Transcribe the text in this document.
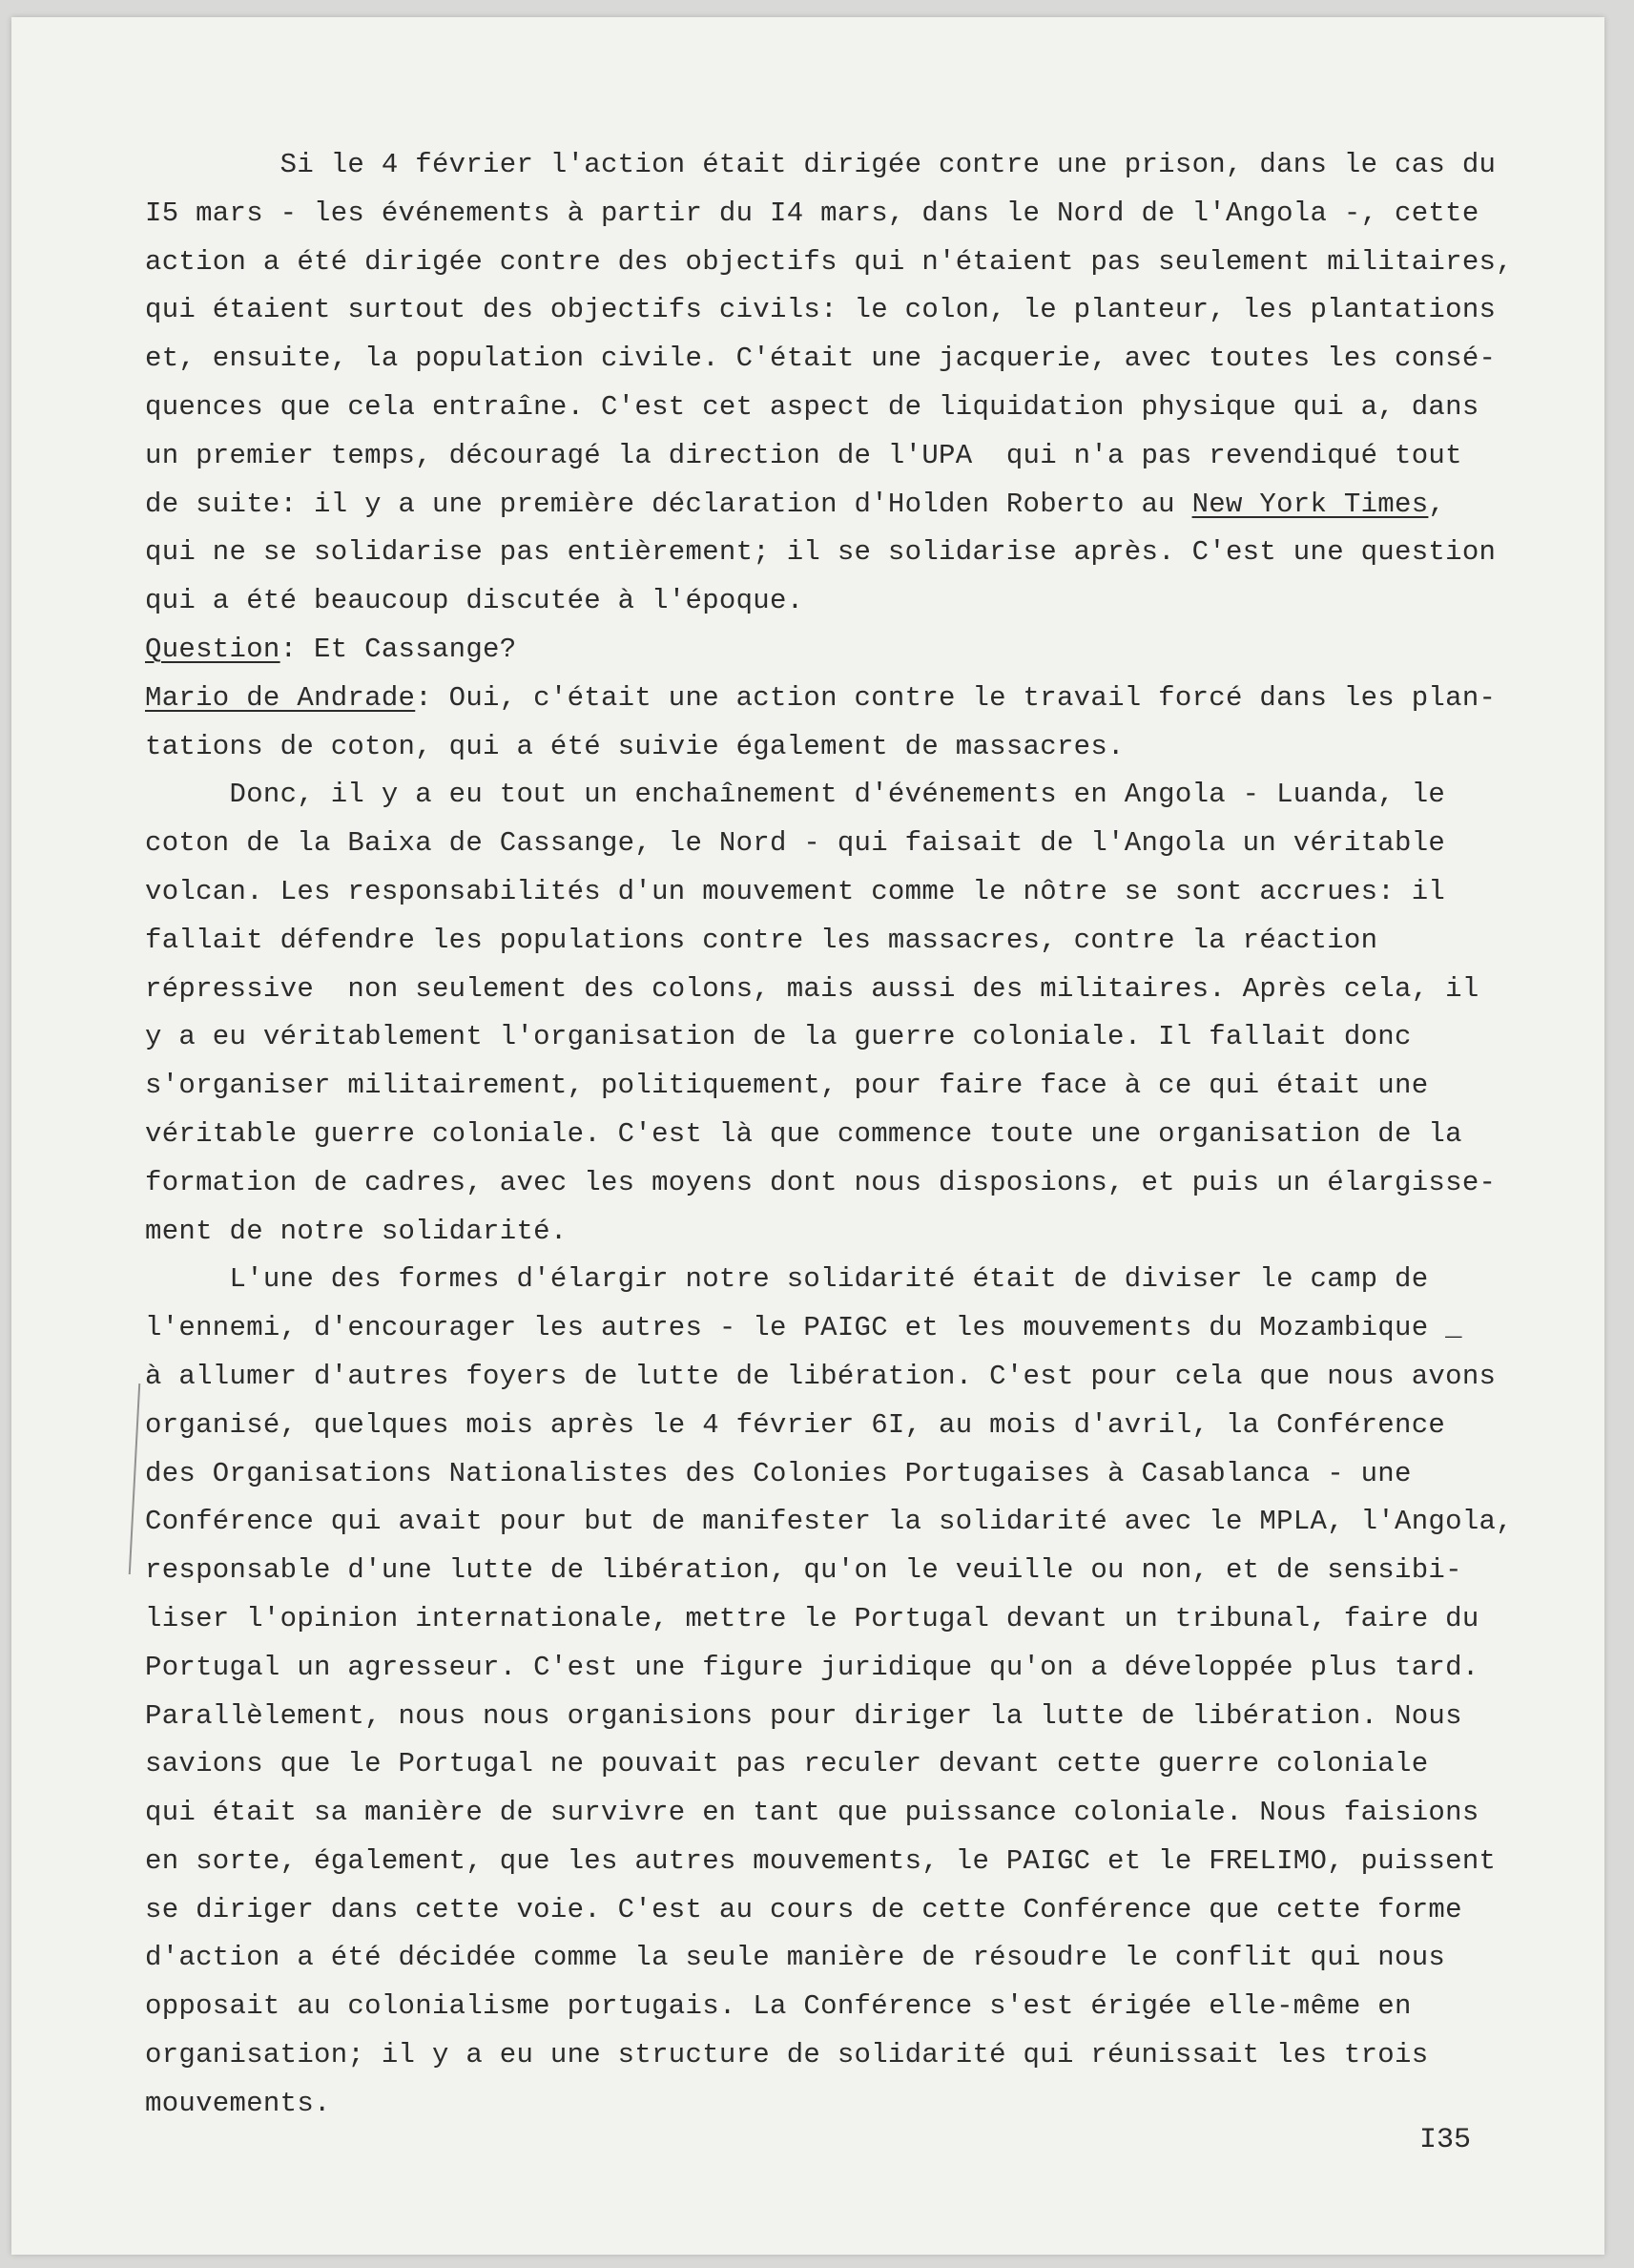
Si le 4 février l'action était dirigée contre une prison, dans le cas du
I5 mars - les événements à partir du I4 mars, dans le Nord de l'Angola -, cette
action a été dirigée contre des objectifs qui n'étaient pas seulement militaires,
qui étaient surtout des objectifs civils: le colon, le planteur, les plantations
et, ensuite, la population civile. C'était une jacquerie, avec toutes les consé-
quences que cela entraîne. C'est cet aspect de liquidation physique qui a, dans
un premier temps, découragé la direction de l'UPA  qui n'a pas revendiqué tout
de suite: il y a une première déclaration d'Holden Roberto au New York Times,
qui ne se solidarise pas entièrement; il se solidarise après. C'est une question
qui a été beaucoup discutée à l'époque.
Question: Et Cassange?
Mario de Andrade: Oui, c'était une action contre le travail forcé dans les plan-
tations de coton, qui a été suivie également de massacres.
Donc, il y a eu tout un enchaînement d'événements en Angola - Luanda, le
coton de la Baixa de Cassange, le Nord - qui faisait de l'Angola un véritable
volcan. Les responsabilités d'un mouvement comme le nôtre se sont accrues: il
fallait défendre les populations contre les massacres, contre la réaction
répressive  non seulement des colons, mais aussi des militaires. Après cela, il
y a eu véritablement l'organisation de la guerre coloniale. Il fallait donc
s'organiser militairement, politiquement, pour faire face à ce qui était une
véritable guerre coloniale. C'est là que commence toute une organisation de la
formation de cadres, avec les moyens dont nous disposions, et puis un élargisse-
ment de notre solidarité.
L'une des formes d'élargir notre solidarité était de diviser le camp de
l'ennemi, d'encourager les autres - le PAIGC et les mouvements du Mozambique _
à allumer d'autres foyers de lutte de libération. C'est pour cela que nous avons
organisé, quelques mois après le 4 février 6I, au mois d'avril, la Conférence
des Organisations Nationalistes des Colonies Portugaises à Casablanca - une
Conférence qui avait pour but de manifester la solidarité avec le MPLA, l'Angola,
responsable d'une lutte de libération, qu'on le veuille ou non, et de sensibi-
liser l'opinion internationale, mettre le Portugal devant un tribunal, faire du
Portugal un agresseur. C'est une figure juridique qu'on a développée plus tard.
Parallèlement, nous nous organisions pour diriger la lutte de libération. Nous
savions que le Portugal ne pouvait pas reculer devant cette guerre coloniale
qui était sa manière de survivre en tant que puissance coloniale. Nous faisions
en sorte, également, que les autres mouvements, le PAIGC et le FRELIMO, puissent
se diriger dans cette voie. C'est au cours de cette Conférence que cette forme
d'action a été décidée comme la seule manière de résoudre le conflit qui nous
opposait au colonialisme portugais. La Conférence s'est érigée elle-même en
organisation; il y a eu une structure de solidarité qui réunissait les trois
mouvements.
I35
